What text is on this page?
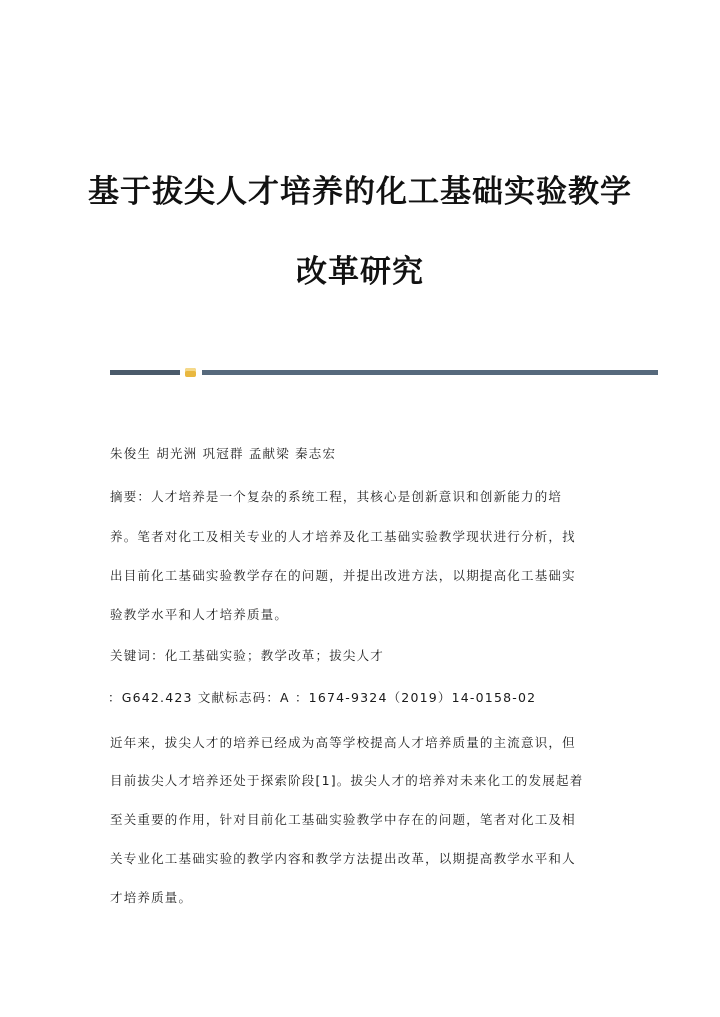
基于拔尖人才培养的化工基础实验教学
改革研究
朱俊生 胡光洲 巩冠群 孟献梁 秦志宏
摘要：人才培养是一个复杂的系统工程，其核心是创新意识和创新能力的培
养。笔者对化工及相关专业的人才培养及化工基础实验教学现状进行分析，找
出目前化工基础实验教学存在的问题，并提出改进方法，以期提高化工基础实
验教学水平和人才培养质量。
关键词：化工基础实验；教学改革；拔尖人才
：G642.423 文献标志码：A ：1674-9324（2019）14-0158-02
近年来，拔尖人才的培养已经成为高等学校提高人才培养质量的主流意识，但
目前拔尖人才培养还处于探索阶段[1]。拔尖人才的培养对未来化工的发展起着
至关重要的作用，针对目前化工基础实验教学中存在的问题，笔者对化工及相
关专业化工基础实验的教学内容和教学方法提出改革，以期提高教学水平和人
才培养质量。
